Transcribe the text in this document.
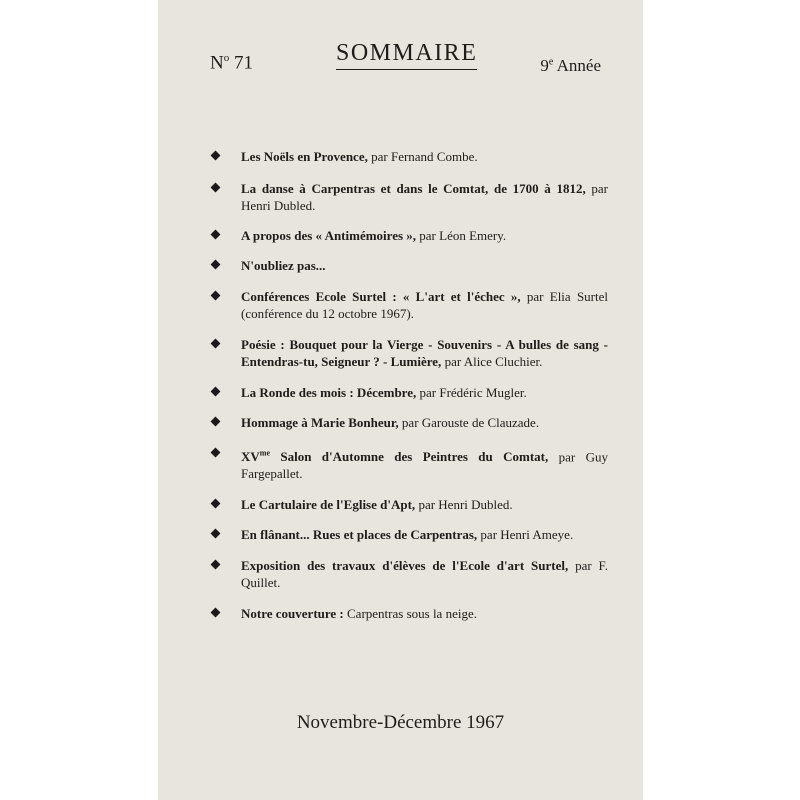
$N^o$ 71	SOMMAIRE	9e Année
Les Noëls en Provence, par Fernand Combe.
La danse à Carpentras et dans le Comtat, de 1700 à 1812, par Henri Dubled.
A propos des « Antimémoires », par Léon Emery.
N'oubliez pas...
Conférences Ecole Surtel : « L'art et l'échec », par Elia Surtel (conférence du 12 octobre 1967).
Poésie : Bouquet pour la Vierge - Souvenirs - A bulles de sang - Entendras-tu, Seigneur ? - Lumière, par Alice Cluchier.
La Ronde des mois : Décembre, par Frédéric Mugler.
Hommage à Marie Bonheur, par Garouste de Clauzade.
$XV^{me}$ Salon d'Automne des Peintres du Comtat, par Guy Fargepallet.
Le Cartulaire de l'Eglise d'Apt, par Henri Dubled.
En flânant... Rues et places de Carpentras, par Henri Ameye.
Exposition des travaux d'élèves de l'Ecole d'art Surtel, par F. Quillet.
Notre couverture : Carpentras sous la neige.
Novembre-Décembre 1967
